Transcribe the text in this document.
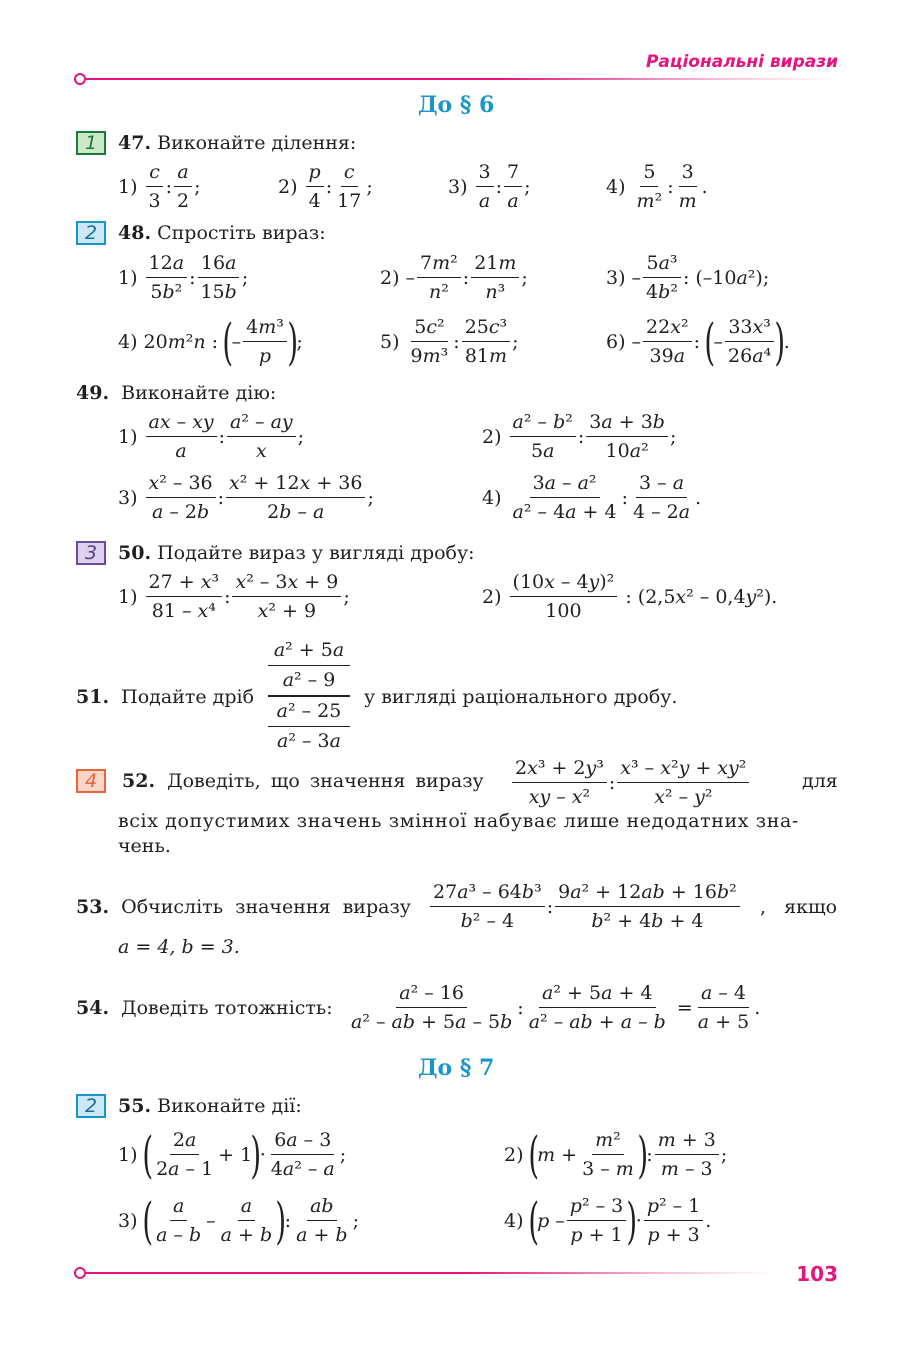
Раціональні вирази
До § 6
1	47. Виконайте ділення:
1)
c
3
:
a
2
;	2)
p
4
:
c
17
;	3)
3
a
:
7
a
;	4)
5
m²
:
3
m
.
2	48. Спростіть вираз:
1)
12a
5b²
:
16a
15b
;	2) –
7m²
n²
:
21m
n³
;	3) –
5a³
4b²
: (–10a²);
4) 20m²n :
(
–
4m³
p )
;	5)
5c²
9m³
:
25c³
81m
;	6) –
22x²
39a
:
(
–
33x³
26a⁴ )
.
49. Виконайте дію:
1)
ax – xy
a
:
a² – ay
x
;	2)
a² – b²
5a
:
3a + 3b
10a²
;
3)
x² – 36
a – 2b
:
x² + 12x + 36
2b – a
;	4)
3a – a²
a² – 4a + 4
:
3 – a
4 – 2a
.
3	50. Подайте вираз у вигляді дробу:
1)
27 + x³
81 – x⁴
:
x² – 3x + 9
x² + 9
;	2)
(10x – 4y)²
100
: (2,5x² – 0,4y²).
51. Подайте дріб
a² + 5a
a² – 9
a² – 25
a² – 3a
у вигляді раціонального дробу.
4	52. Доведіть, що значення виразу
2x³ + 2y³
xy – x²
:
x³ – x²y + xy²
x² – y²
для
всіх допустимих значень змінної набуває лише недодатних зна-
чень.
53. Обчисліть значення виразу
27a³ – 64b³
b² – 4
:
9a² + 12ab + 16b²
b² + 4b + 4
, якщо
a = 4, b = 3.
54. Доведіть тотожність:
a² – 16
a² – ab + 5a – 5b
: $\frac{\text{a² + 5a + 4}}{\text{a² – ab + a – b}} = \frac{a - 4}{a + 5}$ .
До § 7
2	55. Виконайте дії:
1)
( 2a
2a – 1
+ 1
)
·
6a – 3
4a² – a
;	2)
(
$m + \frac{\text{m²}}{3 - m}$ )
:
m + 3
m – 3
;
3)
( a
a – b
–
a
a + b )
:
ab
a + b
;	4)
(
p –
p² – 3
p + 1 )
·
p² – 1
p + 3
.
103
